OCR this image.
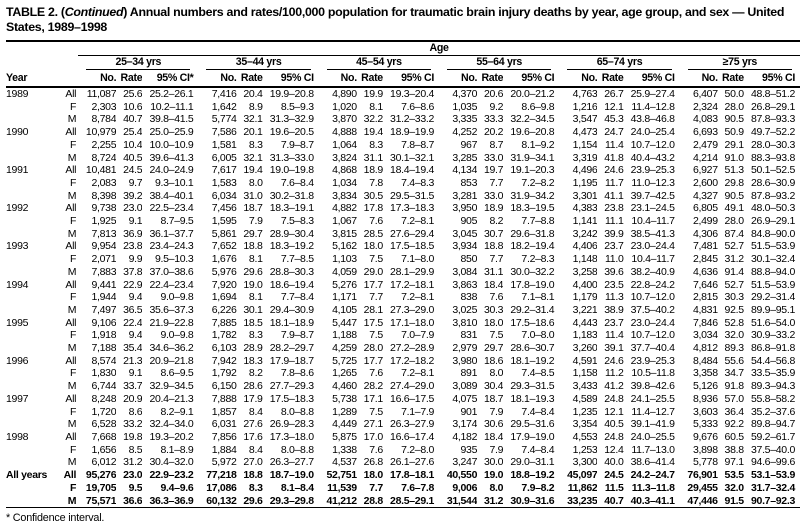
TABLE 2. (Continued) Annual numbers and rates/100,000 population for traumatic brain injury deaths by year, age group, and sex — United States, 1989–1998
		Age																	

		25–34 yrs			35–44 yrs			45–54 yrs			55–64 yrs			65–74 yrs			≥75 yrs		

Year		No.	Rate	95% CI*	No.	Rate	95% CI	No.	Rate	95% CI	No.	Rate	95% CI	No.	Rate	95% CI	No.	Rate	95% CI
1989	All	11,087	25.6	25.2–26.1	7,416	20.4	19.9–20.8	4,890	19.9	19.3–20.4	4,370	20.6	20.0–21.2	4,763	26.7	25.9–27.4	6,407	50.0	48.8–51.2
	F	2,303	10.6	10.2–11.1	1,642	8.9	8.5–9.3	1,020	8.1	7.6–8.6	1,035	9.2	8.6–9.8	1,216	12.1	11.4–12.8	2,324	28.0	26.8–29.1
	M	8,784	40.7	39.8–41.5	5,774	32.1	31.3–32.9	3,870	32.2	31.2–33.2	3,335	33.3	32.2–34.5	3,547	45.3	43.8–46.8	4,083	90.5	87.8–93.3
1990	All	10,979	25.4	25.0–25.9	7,586	20.1	19.6–20.5	4,888	19.4	18.9–19.9	4,252	20.2	19.6–20.8	4,473	24.7	24.0–25.4	6,693	50.9	49.7–52.2
	F	2,255	10.4	10.0–10.9	1,581	8.3	7.9–8.7	1,064	8.3	7.8–8.7	967	8.7	8.1–9.2	1,154	11.4	10.7–12.0	2,479	29.1	28.0–30.3
	M	8,724	40.5	39.6–41.3	6,005	32.1	31.3–33.0	3,824	31.1	30.1–32.1	3,285	33.0	31.9–34.1	3,319	41.8	40.4–43.2	4,214	91.0	88.3–93.8
1991	All	10,481	24.5	24.0–24.9	7,617	19.4	19.0–19.8	4,868	18.9	18.4–19.4	4,134	19.7	19.1–20.3	4,496	24.6	23.9–25.3	6,927	51.3	50.1–52.5
	F	2,083	9.7	9.3–10.1	1,583	8.0	7.6–8.4	1,034	7.8	7.4–8.3	853	7.7	7.2–8.2	1,195	11.7	11.0–12.3	2,600	29.8	28.6–30.9
	M	8,398	39.2	38.4–40.1	6,034	31.0	30.2–31.8	3,834	30.5	29.5–31.5	3,281	33.0	31.9–34.2	3,301	41.1	39.7–42.5	4,327	90.5	87.8–93.2
1992	All	9,738	23.0	22.5–23.4	7,456	18.7	18.3–19.1	4,882	17.8	17.3–18.3	3,950	18.9	18.3–19.5	4,383	23.8	23.1–24.5	6,805	49.1	48.0–50.3
	F	1,925	9.1	8.7–9.5	1,595	7.9	7.5–8.3	1,067	7.6	7.2–8.1	905	8.2	7.7–8.8	1,141	11.1	10.4–11.7	2,499	28.0	26.9–29.1
	M	7,813	36.9	36.1–37.7	5,861	29.7	28.9–30.4	3,815	28.5	27.6–29.4	3,045	30.7	29.6–31.8	3,242	39.9	38.5–41.3	4,306	87.4	84.8–90.0
1993	All	9,954	23.8	23.4–24.3	7,652	18.8	18.3–19.2	5,162	18.0	17.5–18.5	3,934	18.8	18.2–19.4	4,406	23.7	23.0–24.4	7,481	52.7	51.5–53.9
	F	2,071	9.9	9.5–10.3	1,676	8.1	7.7–8.5	1,103	7.5	7.1–8.0	850	7.7	7.2–8.3	1,148	11.0	10.4–11.7	2,845	31.2	30.1–32.4
	M	7,883	37.8	37.0–38.6	5,976	29.6	28.8–30.3	4,059	29.0	28.1–29.9	3,084	31.1	30.0–32.2	3,258	39.6	38.2–40.9	4,636	91.4	88.8–94.0
1994	All	9,441	22.9	22.4–23.4	7,920	19.0	18.6–19.4	5,276	17.7	17.2–18.1	3,863	18.4	17.8–19.0	4,400	23.5	22.8–24.2	7,646	52.7	51.5–53.9
	F	1,944	9.4	9.0–9.8	1,694	8.1	7.7–8.4	1,171	7.7	7.2–8.1	838	7.6	7.1–8.1	1,179	11.3	10.7–12.0	2,815	30.3	29.2–31.4
	M	7,497	36.5	35.6–37.3	6,226	30.1	29.4–30.9	4,105	28.1	27.3–29.0	3,025	30.3	29.2–31.4	3,221	38.9	37.5–40.2	4,831	92.5	89.9–95.1
1995	All	9,106	22.4	21.9–22.8	7,885	18.5	18.1–18.9	5,447	17.5	17.1–18.0	3,810	18.0	17.5–18.6	4,443	23.7	23.0–24.4	7,846	52.8	51.6–54.0
	F	1,918	9.4	9.0–9.8	1,782	8.3	7.9–8.7	1,188	7.5	7.0–7.9	831	7.5	7.0–8.0	1,183	11.4	10.7–12.0	3,034	32.0	30.9–33.2
	M	7,188	35.4	34.6–36.2	6,103	28.9	28.2–29.7	4,259	28.0	27.2–28.9	2,979	29.7	28.6–30.7	3,260	39.1	37.7–40.4	4,812	89.3	86.8–91.8
1996	All	8,574	21.3	20.9–21.8	7,942	18.3	17.9–18.7	5,725	17.7	17.2–18.2	3,980	18.6	18.1–19.2	4,591	24.6	23.9–25.3	8,484	55.6	54.4–56.8
	F	1,830	9.1	8.6–9.5	1,792	8.2	7.8–8.6	1,265	7.6	7.2–8.1	891	8.0	7.4–8.5	1,158	11.2	10.5–11.8	3,358	34.7	33.5–35.9
	M	6,744	33.7	32.9–34.5	6,150	28.6	27.7–29.3	4,460	28.2	27.4–29.0	3,089	30.4	29.3–31.5	3,433	41.2	39.8–42.6	5,126	91.8	89.3–94.3
1997	All	8,248	20.9	20.4–21.3	7,888	17.9	17.5–18.3	5,738	17.1	16.6–17.5	4,075	18.7	18.1–19.3	4,589	24.8	24.1–25.5	8,936	57.0	55.8–58.2
	F	1,720	8.6	8.2–9.1	1,857	8.4	8.0–8.8	1,289	7.5	7.1–7.9	901	7.9	7.4–8.4	1,235	12.1	11.4–12.7	3,603	36.4	35.2–37.6
	M	6,528	33.2	32.4–34.0	6,031	27.6	26.9–28.3	4,449	27.1	26.3–27.9	3,174	30.6	29.5–31.6	3,354	40.5	39.1–41.9	5,333	92.2	89.8–94.7
1998	All	7,668	19.8	19.3–20.2	7,856	17.6	17.3–18.0	5,875	17.0	16.6–17.4	4,182	18.4	17.9–19.0	4,553	24.8	24.0–25.5	9,676	60.5	59.2–61.7
	F	1,656	8.5	8.1–8.9	1,884	8.4	8.0–8.8	1,338	7.6	7.2–8.0	935	7.9	7.4–8.4	1,253	12.4	11.7–13.0	3,898	38.8	37.5–40.0
	M	6,012	31.2	30.4–32.0	5,972	27.0	26.3–27.7	4,537	26.8	26.1–27.6	3,247	30.0	29.0–31.1	3,300	40.0	38.6–41.4	5,778	97.1	94.6–99.6
All years	All	95,276	23.0	22.9–23.2	77,218	18.8	18.7–19.0	52,751	18.0	17.8–18.1	40,550	19.0	18.8–19.2	45,097	24.5	24.2–24.7	76,901	53.5	53.1–53.9
	F	19,705	9.5	9.4–9.6	17,086	8.3	8.1–8.4	11,539	7.7	7.6–7.8	9,006	8.0	7.9–8.2	11,862	11.5	11.3–11.8	29,455	32.0	31.7–32.4
	M	75,571	36.6	36.3–36.9	60,132	29.6	29.3–29.8	41,212	28.8	28.5–29.1	31,544	31.2	30.9–31.6	33,235	40.7	40.3–41.1	47,446	91.5	90.7–92.3
* Confidence interval.
